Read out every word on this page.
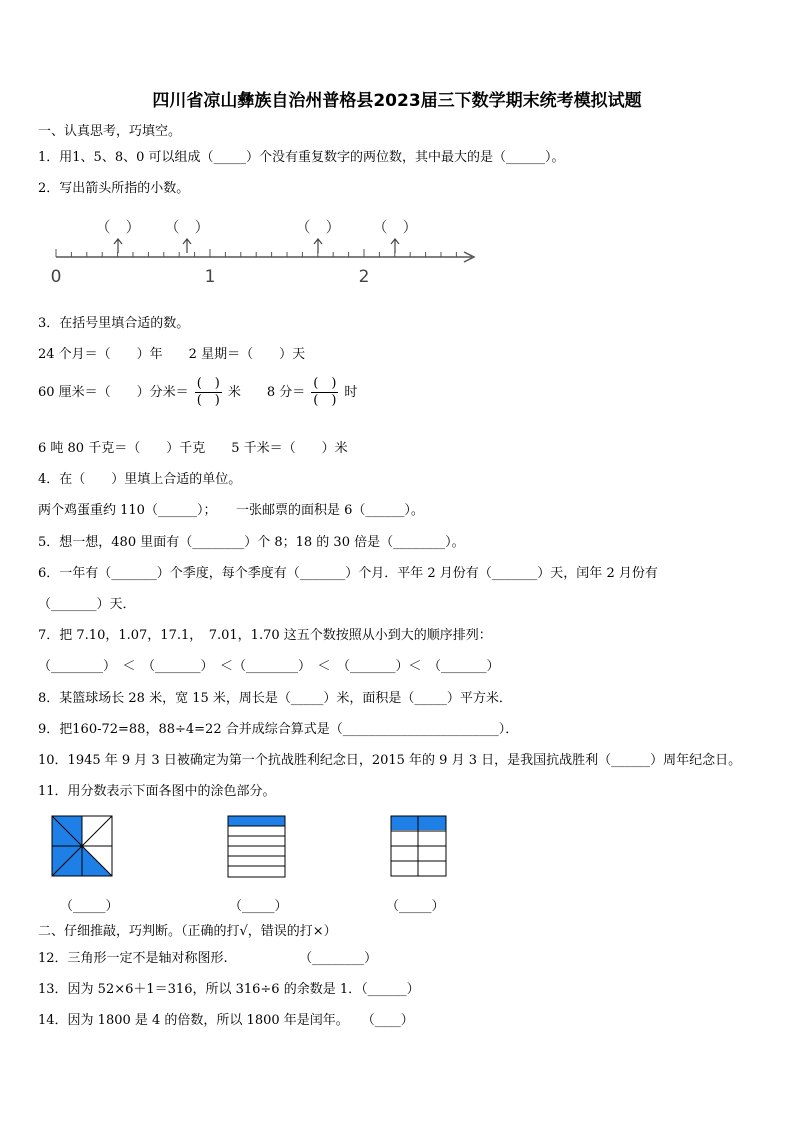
四川省凉山彝族自治州普格县2023届三下数学期末统考模拟试题
一、认真思考，巧填空。
1．用1、5、8、0 可以组成（_____）个没有重复数字的两位数，其中最大的是（______）。
2．写出箭头所指的小数。
0	1	2
（　） （　）	（　） （　）
3．在括号里填合适的数。
24 个月＝（　　）年　　2 星期＝（　　）天
60 厘米＝（　　）分米＝ $\frac{( )}{( )}$ 米　　8 分＝ $\frac{( )}{( )}$ 时
6 吨 80 千克＝（　　）千克　　5 千米＝（　　）米
4．在（　　）里填上合适的单位。
两个鸡蛋重约 110（______）；　　一张邮票的面积是 6（______）。
5．想一想，480 里面有（________）个 8；18 的 30 倍是（________）。
6．一年有（_______）个季度，每个季度有（_______）个月．平年 2 月份有（_______）天，闰年 2 月份有
（_______）天．
7．把 7.10，1.07，17.1，　7.01，1.70 这五个数按照从小到大的顺序排列：
（________）　＜　（_______）　＜（________）　＜　（_______）＜　（_______）
8．某篮球场长 28 米，宽 15 米，周长是（_____）米，面积是（_____）平方米．
9．把160-72=88，88÷4=22 合并成综合算式是（________________________）．
10．1945 年 9 月 3 日被确定为第一个抗战胜利纪念日，2015 年的 9 月 3 日，是我国抗战胜利（______）周年纪念日。
11．用分数表示下面各图中的涂色部分。
（_____）	（_____）	（_____）
二、仔细推敲，巧判断。（正确的打√，错误的打×）
12．三角形一定不是轴对称图形.　　　　　　（________）
13．因为 52×6＋1＝316，所以 316÷6 的余数是 1．（______）
14．因为 1800 是 4 的倍数，所以 1800 年是闰年。　　（____）
